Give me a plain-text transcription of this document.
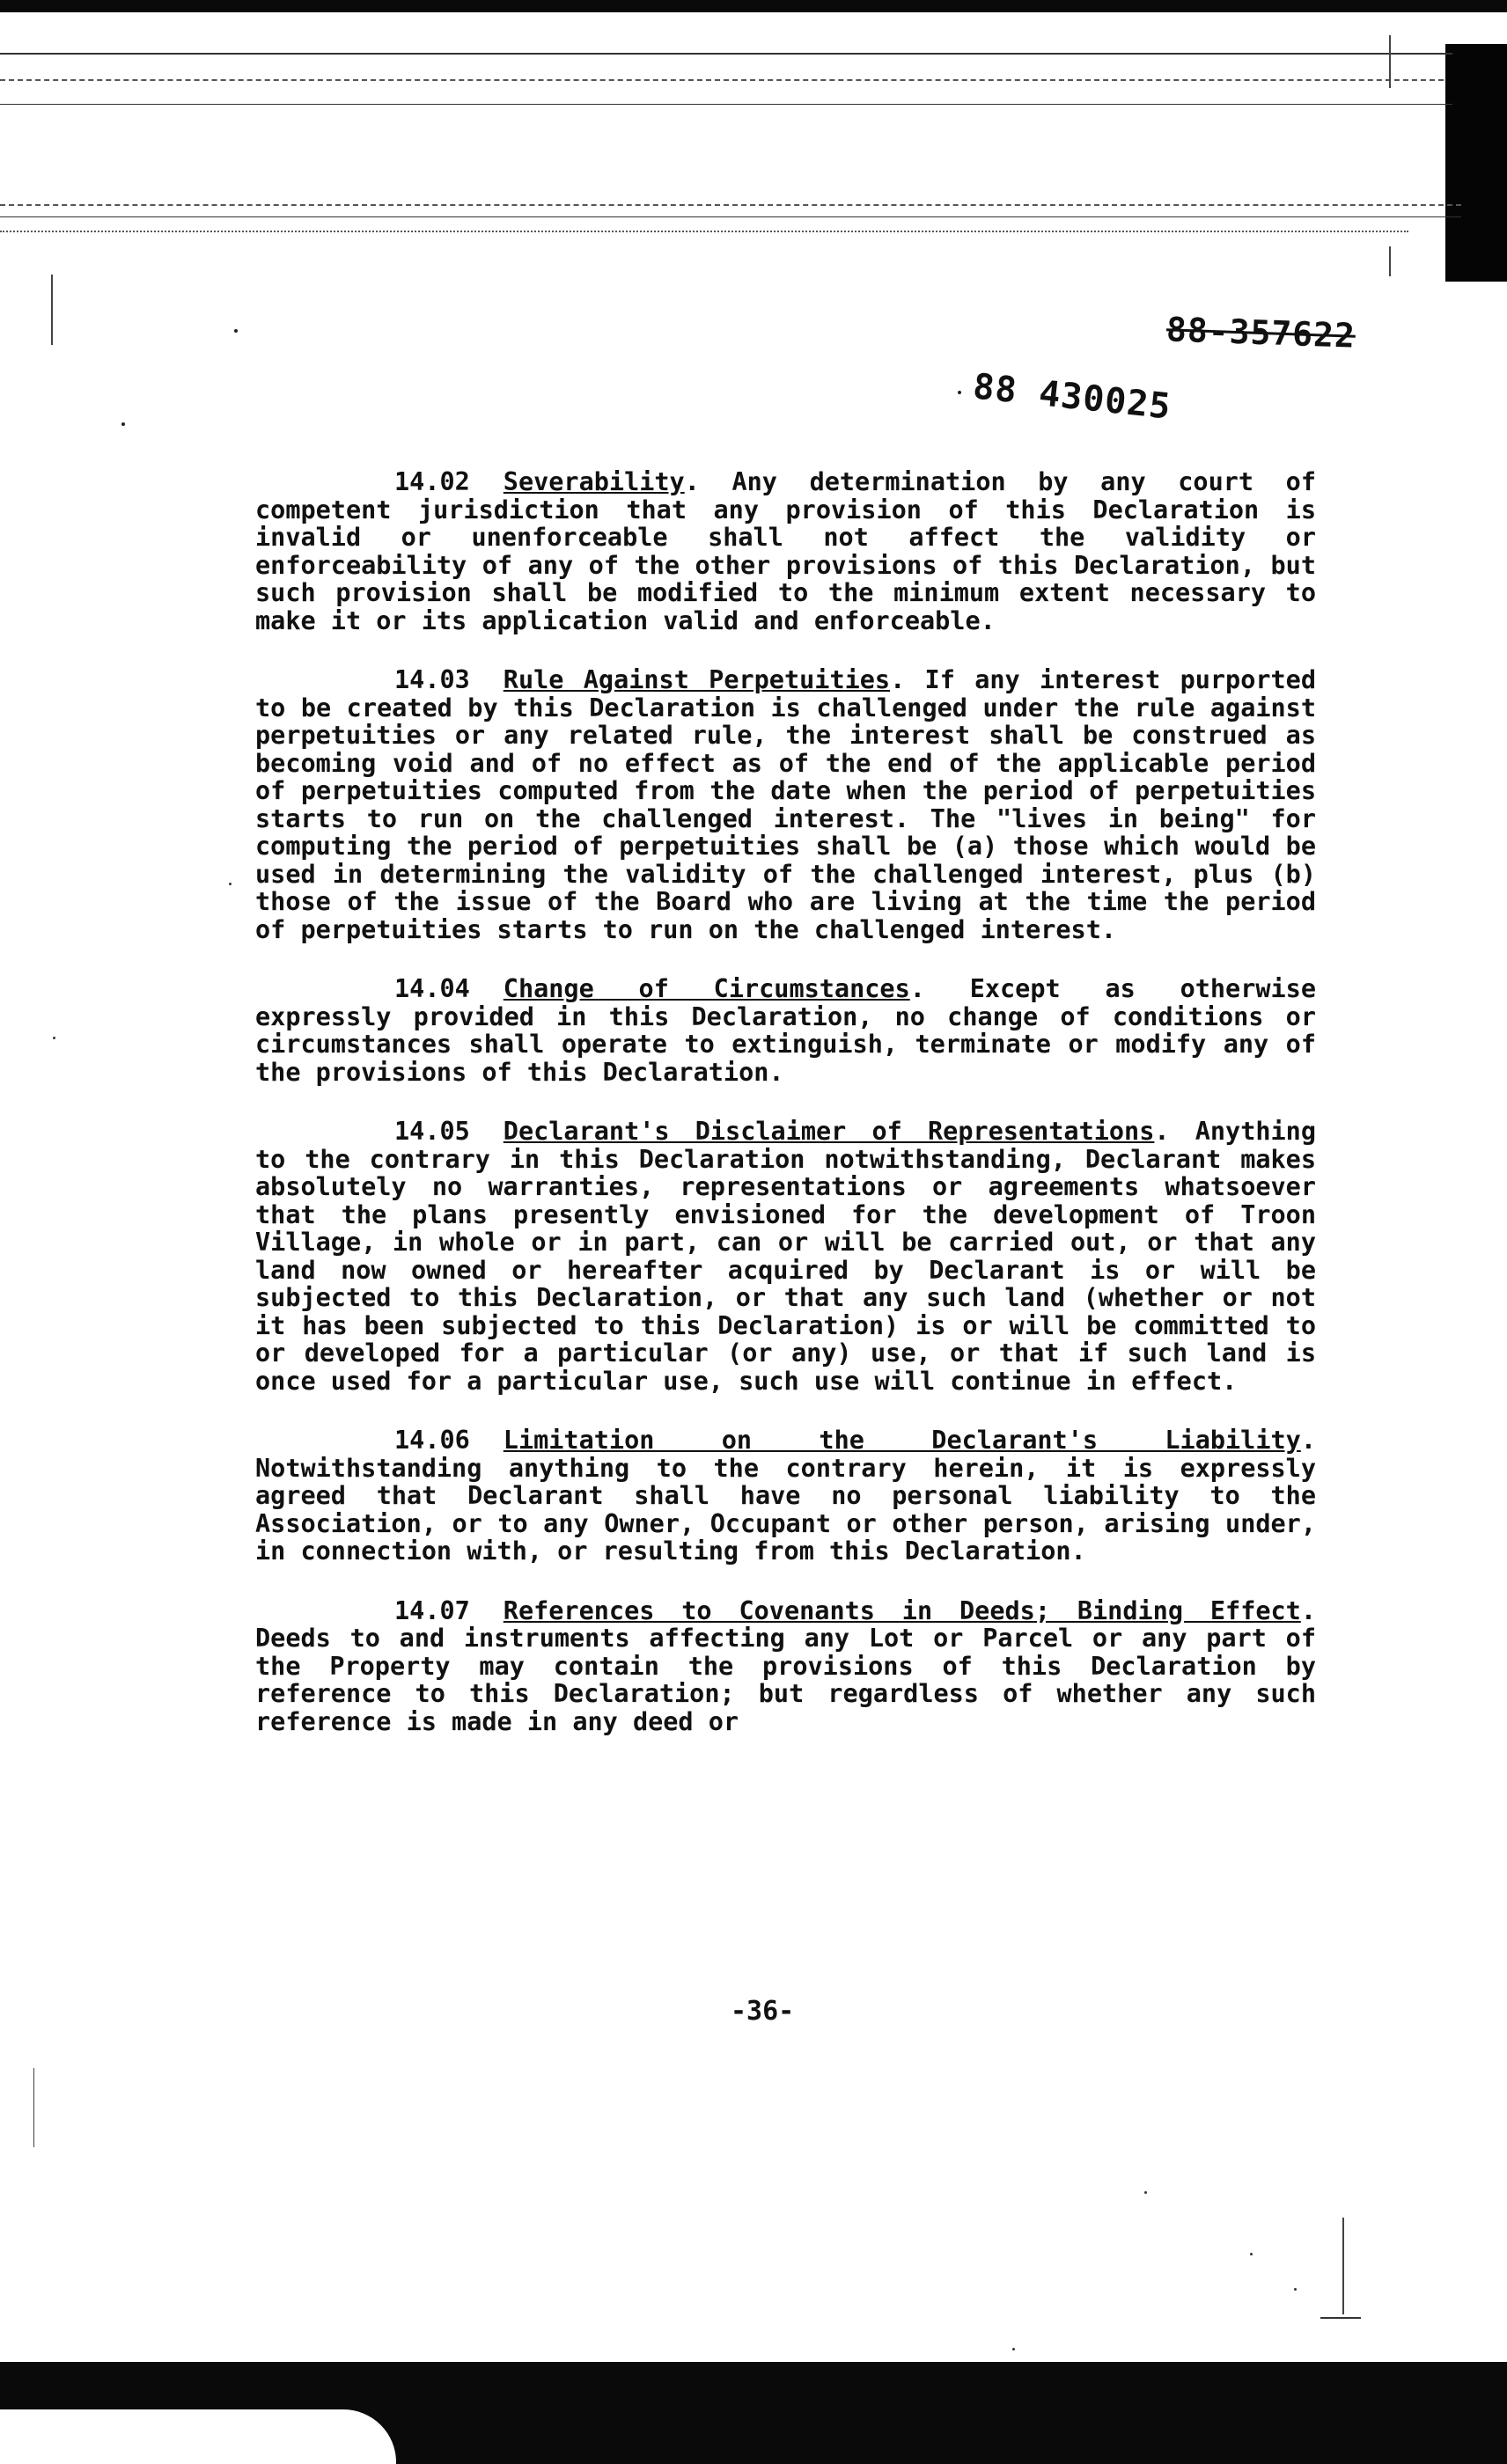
88-357622
88 430025

14.02 Severability. Any determination by any court of competent jurisdiction that any provision of this Declaration is invalid or unenforceable shall not affect the validity or enforceability of any of the other provisions of this Declaration, but such provision shall be modified to the minimum extent necessary to make it or its application valid and enforceable.

14.03 Rule Against Perpetuities. If any interest purported to be created by this Declaration is challenged under the rule against perpetuities or any related rule, the interest shall be construed as becoming void and of no effect as of the end of the applicable period of perpetuities computed from the date when the period of perpetuities starts to run on the challenged interest. The "lives in being" for computing the period of perpetuities shall be (a) those which would be used in determining the validity of the challenged interest, plus (b) those of the issue of the Board who are living at the time the period of perpetuities starts to run on the challenged interest.

14.04 Change of Circumstances. Except as otherwise expressly provided in this Declaration, no change of conditions or circumstances shall operate to extinguish, terminate or modify any of the provisions of this Declaration.

14.05 Declarant's Disclaimer of Representations. Anything to the contrary in this Declaration notwithstanding, Declarant makes absolutely no warranties, representations or agreements whatsoever that the plans presently envisioned for the development of Troon Village, in whole or in part, can or will be carried out, or that any land now owned or hereafter acquired by Declarant is or will be subjected to this Declaration, or that any such land (whether or not it has been subjected to this Declaration) is or will be committed to or developed for a particular (or any) use, or that if such land is once used for a particular use, such use will continue in effect.

14.06 Limitation on the Declarant's Liability. Notwithstanding anything to the contrary herein, it is expressly agreed that Declarant shall have no personal liability to the Association, or to any Owner, Occupant or other person, arising under, in connection with, or resulting from this Declaration.

14.07 References to Covenants in Deeds; Binding Effect. Deeds to and instruments affecting any Lot or Parcel or any part of the Property may contain the provisions of this Declaration by reference to this Declaration; but regardless of whether any such reference is made in any deed or

-36-
